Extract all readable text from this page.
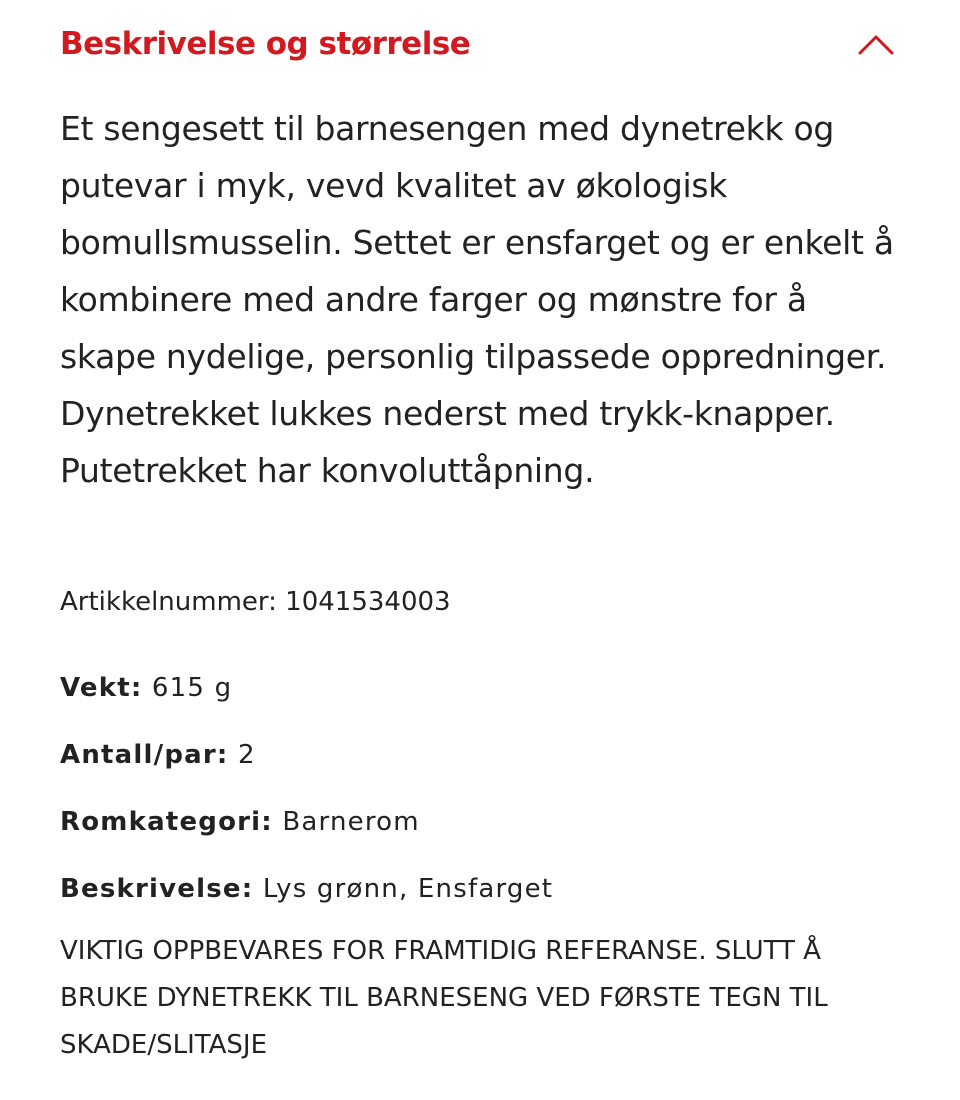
Beskrivelse og størrelse

Et sengesett til barnesengen med dynetrekk og putevar i myk, vevd kvalitet av økologisk bomullsmusselin. Settet er ensfarget og er enkelt å kombinere med andre farger og mønstre for å skape nydelige, personlig tilpassede oppredninger. Dynetrekket lukkes nederst med trykk-knapper. Putetrekket har konvoluttåpning.

Artikkelnummer: 1041534003
Vekt: 615 g
Antall/par: 2
Romkategori: Barnerom
Beskrivelse: Lys grønn, Ensfarget

VIKTIG OPPBEVARES FOR FRAMTIDIG REFERANSE. SLUTT Å BRUKE DYNETREKK TIL BARNESENG VED FØRSTE TEGN TIL SKADE/SLITASJE
